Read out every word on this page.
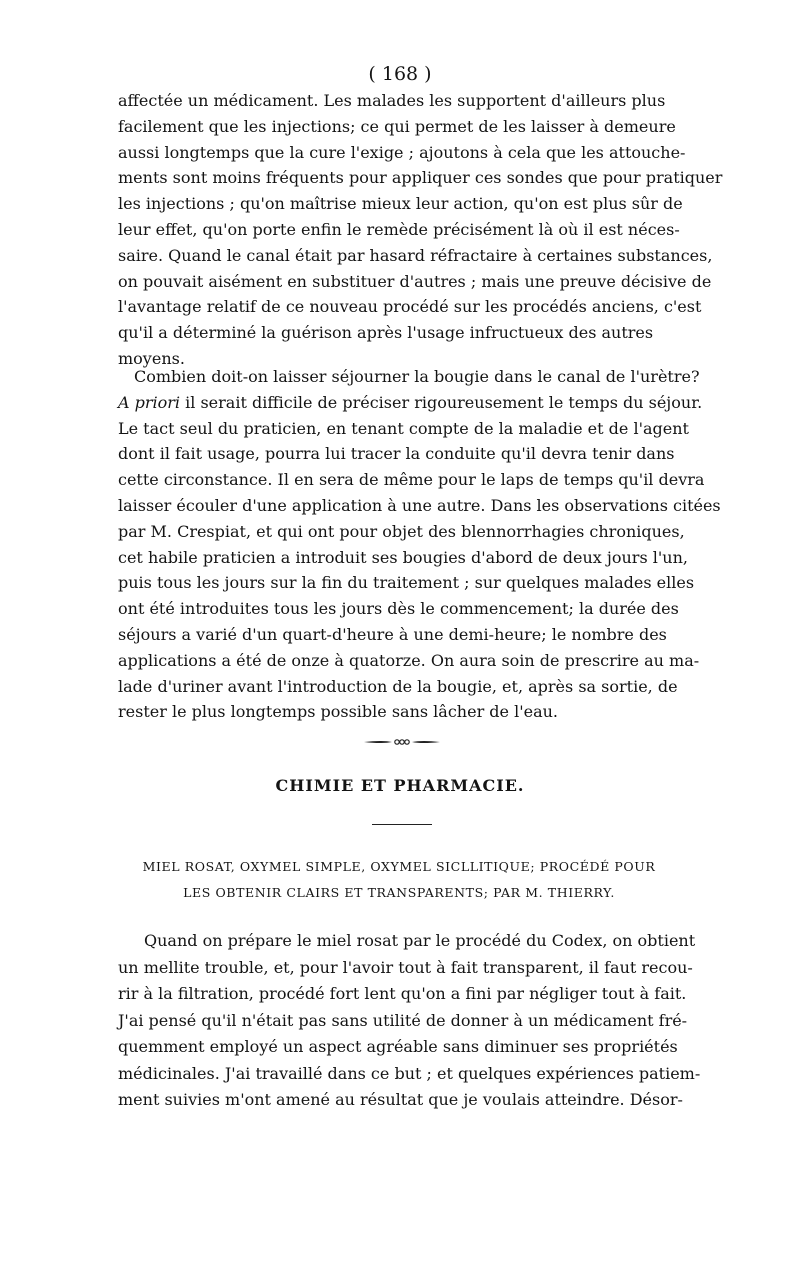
( 168 )
affectée un médicament. Les malades les supportent d'ailleurs plus
facilement que les injections; ce qui permet de les laisser à demeure
aussi longtemps que la cure l'exige ; ajoutons à cela que les attouche-
ments sont moins fréquents pour appliquer ces sondes que pour pratiquer
les injections ; qu'on maîtrise mieux leur action, qu'on est plus sûr de
leur effet, qu'on porte enfin le remède précisément là où il est néces-
saire. Quand le canal était par hasard réfractaire à certaines substances,
on pouvait aisément en substituer d'autres ; mais une preuve décisive de
l'avantage relatif de ce nouveau procédé sur les procédés anciens, c'est
qu'il a déterminé la guérison après l'usage infructueux des autres
moyens.
Combien doit-on laisser séjourner la bougie dans le canal de l'urètre?
A priori il serait difficile de préciser rigoureusement le temps du séjour.
Le tact seul du praticien, en tenant compte de la maladie et de l'agent
dont il fait usage, pourra lui tracer la conduite qu'il devra tenir dans
cette circonstance. Il en sera de même pour le laps de temps qu'il devra
laisser écouler d'une application à une autre. Dans les observations citées
par M. Crespiat, et qui ont pour objet des blennorrhagies chroniques,
cet habile praticien a introduit ses bougies d'abord de deux jours l'un,
puis tous les jours sur la fin du traitement ; sur quelques malades elles
ont été introduites tous les jours dès le commencement; la durée des
séjours a varié d'un quart-d'heure à une demi-heure; le nombre des
applications a été de onze à quatorze. On aura soin de prescrire au ma-
lade d'uriner avant l'introduction de la bougie, et, après sa sortie, de
rester le plus longtemps possible sans lâcher de l'eau.
CHIMIE ET PHARMACIE.
MIEL ROSAT, OXYMEL SIMPLE, OXYMEL SICLLITIQUE; PROCÉDÉ POUR
LES OBTENIR CLAIRS ET TRANSPARENTS; PAR M. THIERRY.
Quand on prépare le miel rosat par le procédé du Codex, on obtient
un mellite trouble, et, pour l'avoir tout à fait transparent, il faut recou-
rir à la filtration, procédé fort lent qu'on a fini par négliger tout à fait.
J'ai pensé qu'il n'était pas sans utilité de donner à un médicament fré-
quemment employé un aspect agréable sans diminuer ses propriétés
médicinales. J'ai travaillé dans ce but ; et quelques expériences patiem-
ment suivies m'ont amené au résultat que je voulais atteindre. Désor-
